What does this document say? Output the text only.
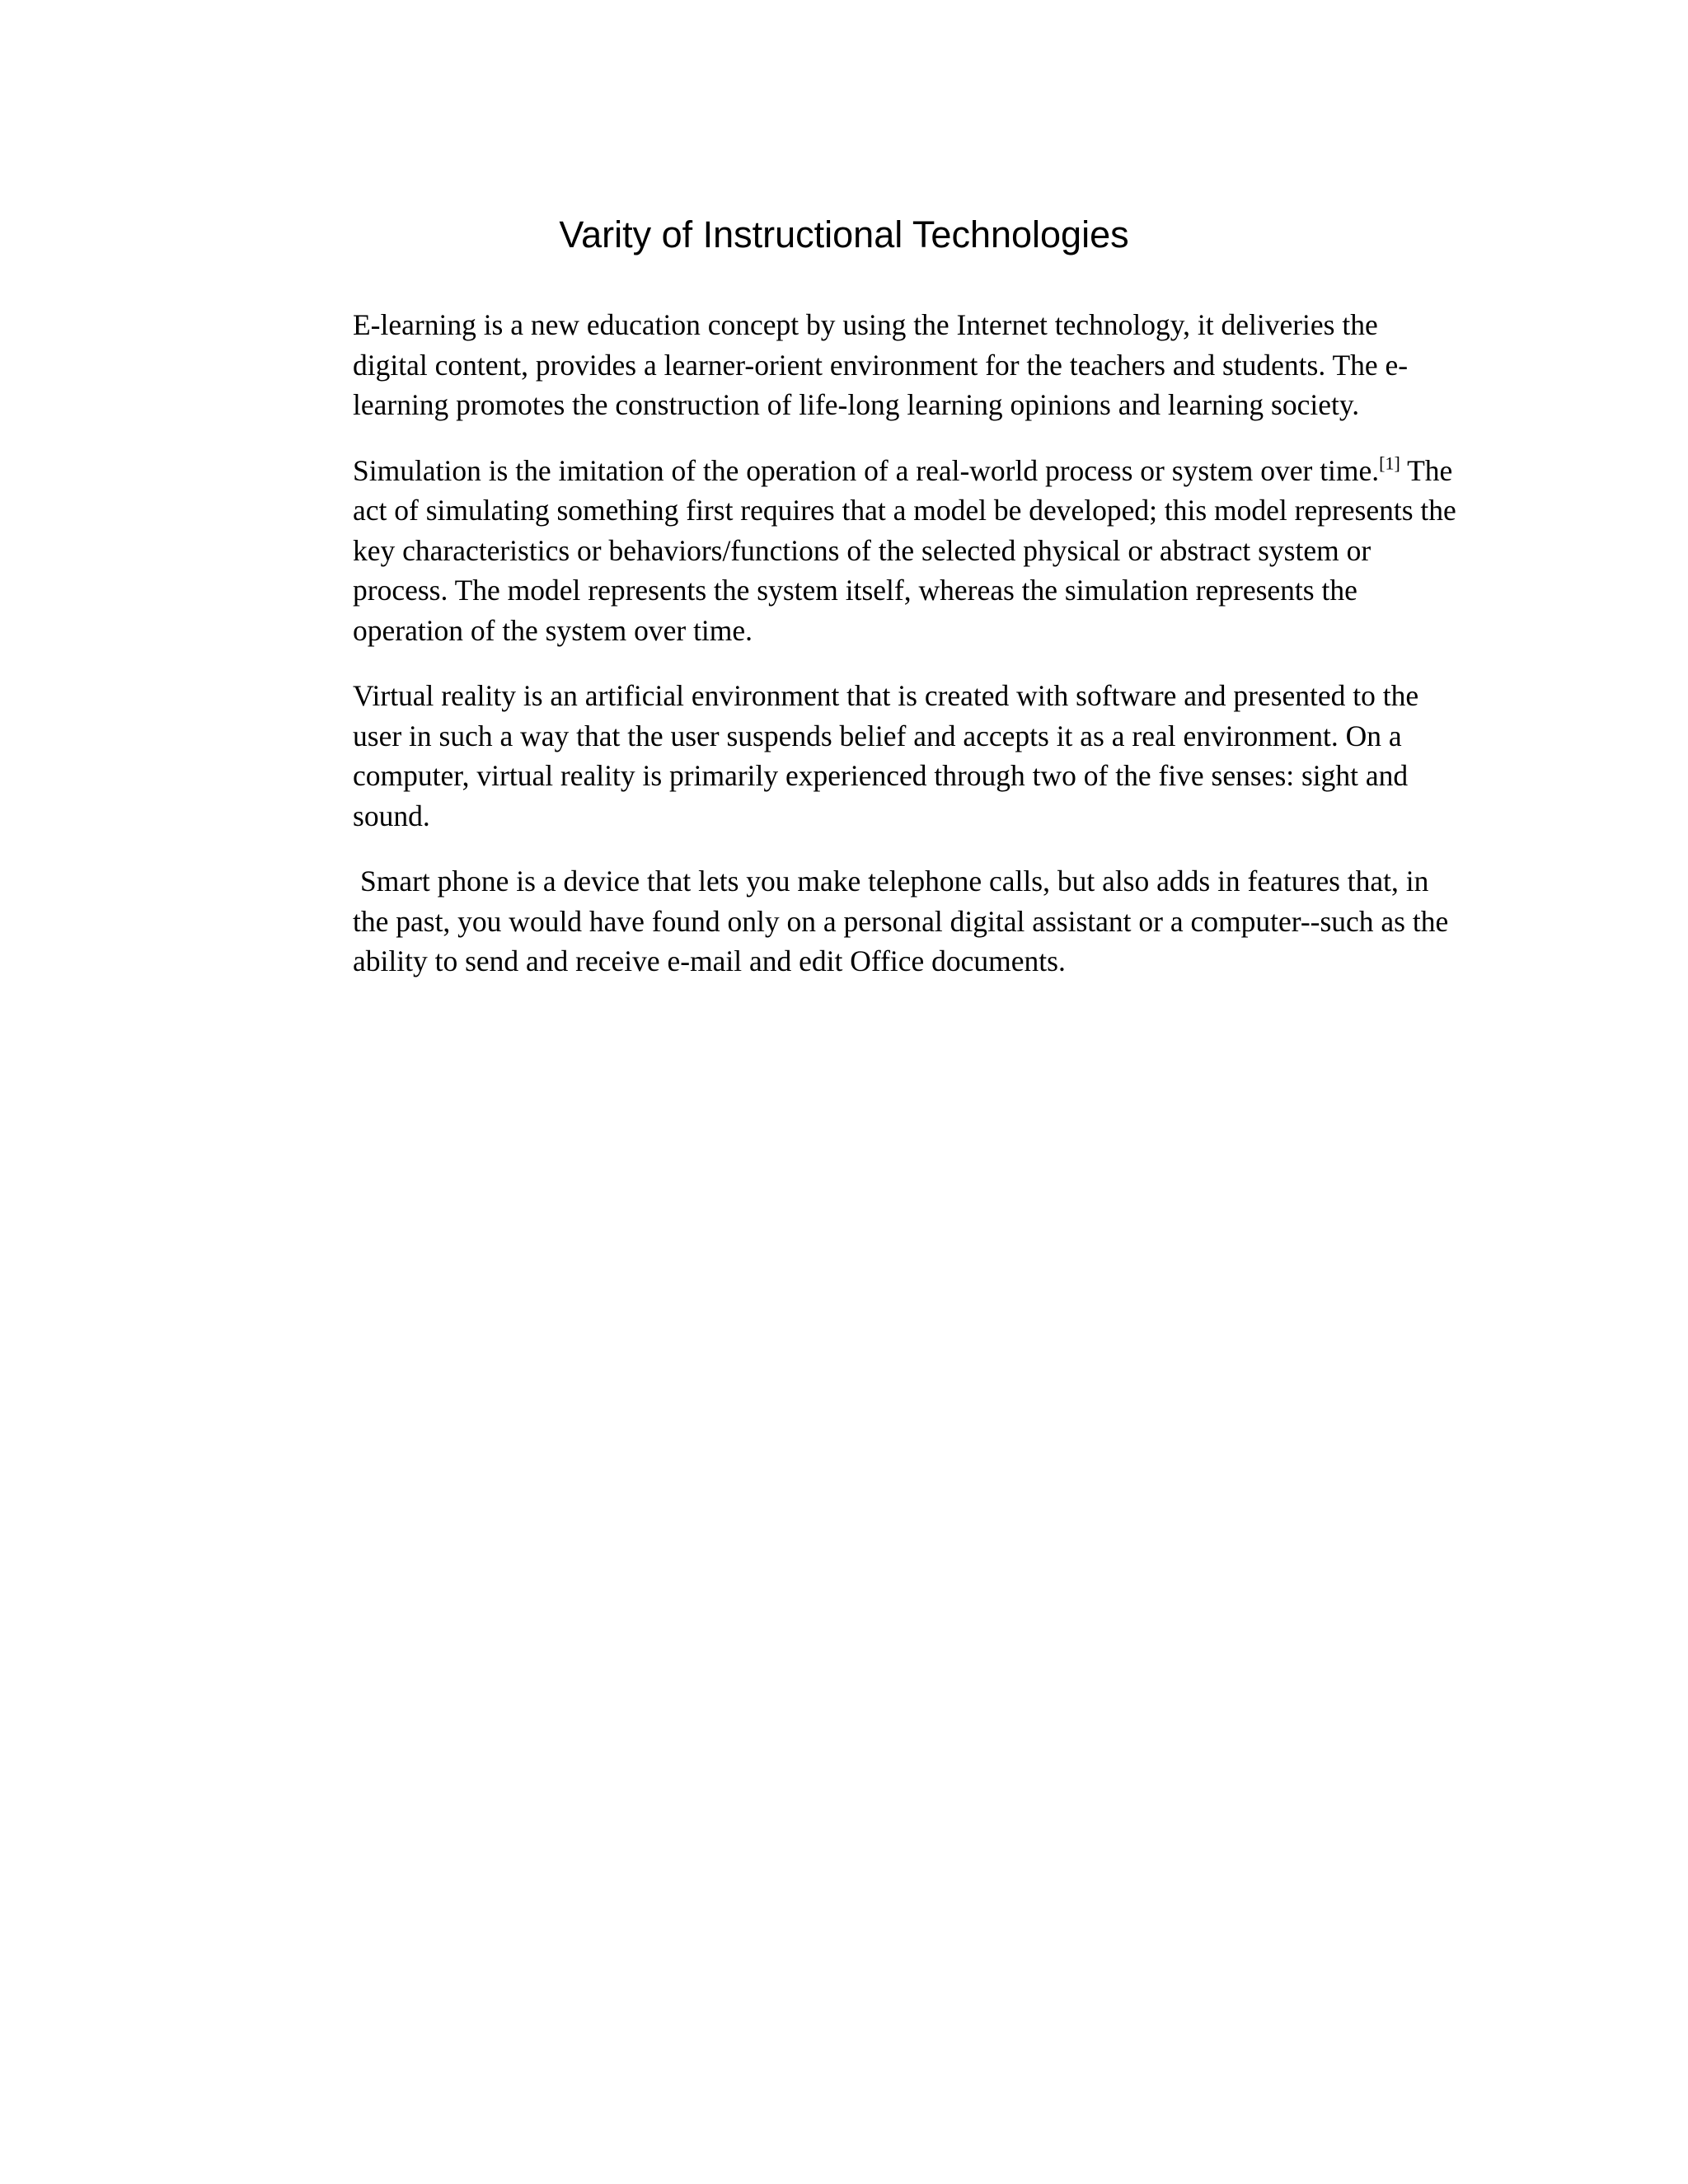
Varity of Instructional Technologies

E-learning is a new education concept by using the Internet technology, it deliveries the digital content, provides a learner-orient environment for the teachers and students. The e-learning promotes the construction of life-long learning opinions and learning society.

Simulation is the imitation of the operation of a real-world process or system over time.[1] The act of simulating something first requires that a model be developed; this model represents the key characteristics or behaviors/functions of the selected physical or abstract system or process. The model represents the system itself, whereas the simulation represents the operation of the system over time.

Virtual reality is an artificial environment that is created with software and presented to the user in such a way that the user suspends belief and accepts it as a real environment. On a computer, virtual reality is primarily experienced through two of the five senses: sight and sound.

Smart phone is a device that lets you make telephone calls, but also adds in features that, in the past, you would have found only on a personal digital assistant or a computer--such as the ability to send and receive e-mail and edit Office documents.
